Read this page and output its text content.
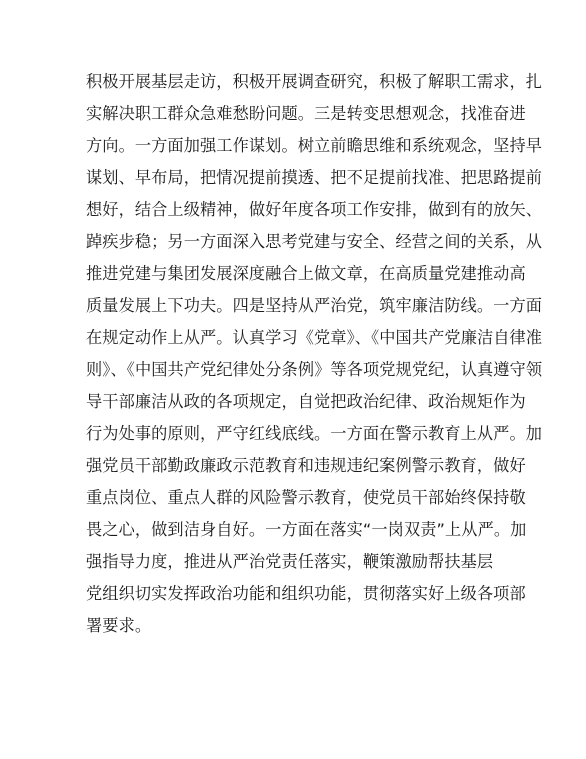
积极开展基层走访，积极开展调查研究，积极了解职工需求，扎
实解决职工群众急难愁盼问题。三是转变思想观念，找准奋进
方向。一方面加强工作谋划。树立前瞻思维和系统观念，坚持早
谋划、早布局，把情况提前摸透、把不足提前找准、把思路提前
想好，结合上级精神，做好年度各项工作安排，做到有的放矢、
踔疾步稳；另一方面深入思考党建与安全、经营之间的关系，从
推进党建与集团发展深度融合上做文章，在高质量党建推动高
质量发展上下功夫。四是坚持从严治党，筑牢廉洁防线。一方面
在规定动作上从严。认真学习《党章》、《中国共产党廉洁自律准
则》、《中国共产党纪律处分条例》等各项党规党纪，认真遵守领
导干部廉洁从政的各项规定，自觉把政治纪律、政治规矩作为
行为处事的原则，严守红线底线。一方面在警示教育上从严。加
强党员干部勤政廉政示范教育和违规违纪案例警示教育，做好
重点岗位、重点人群的风险警示教育，使党员干部始终保持敬
畏之心，做到洁身自好。一方面在落实“一岗双责”上从严。加
强指导力度，推进从严治党责任落实，鞭策激励帮扶基层
党组织切实发挥政治功能和组织功能，贯彻落实好上级各项部
署要求。
